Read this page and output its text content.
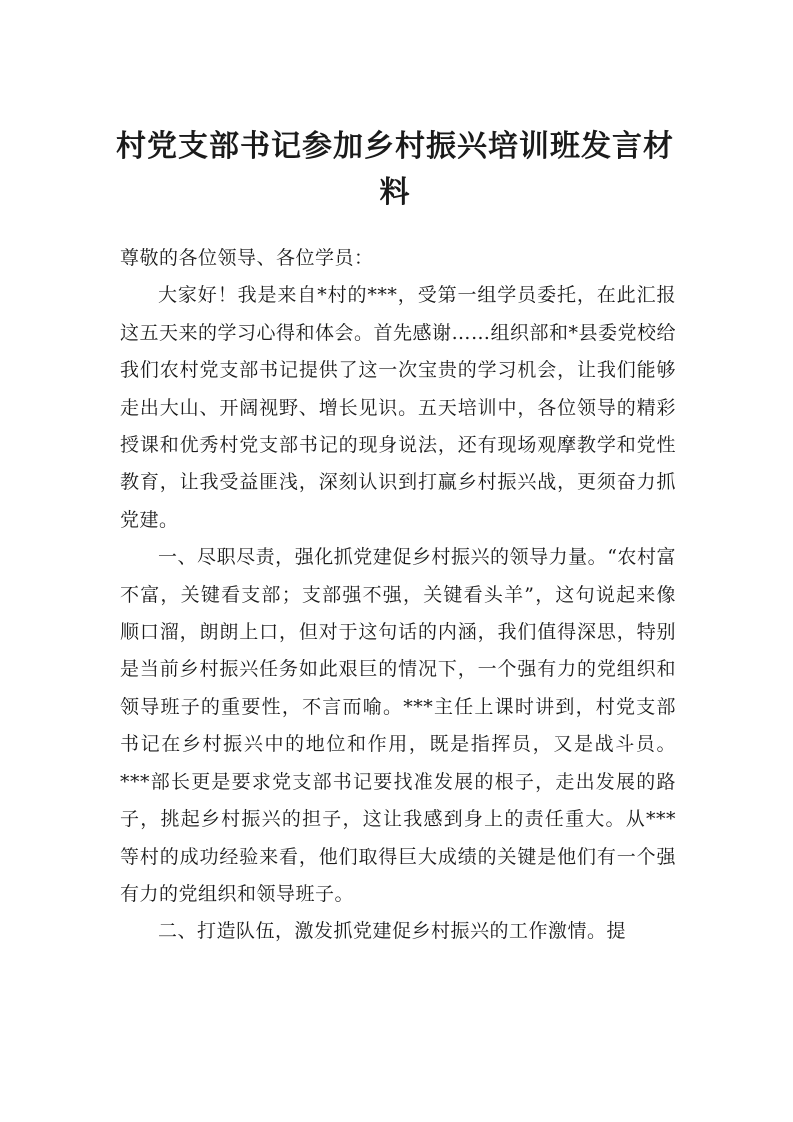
村党支部书记参加乡村振兴培训班发言材料

尊敬的各位领导、各位学员：

大家好！我是来自*村的***，受第一组学员委托，在此汇报这五天来的学习心得和体会。首先感谢……组织部和*县委党校给我们农村党支部书记提供了这一次宝贵的学习机会，让我们能够走出大山、开阔视野、增长见识。五天培训中，各位领导的精彩授课和优秀村党支部书记的现身说法，还有现场观摩教学和党性教育，让我受益匪浅，深刻认识到打赢乡村振兴战，更须奋力抓党建。

一、尽职尽责，强化抓党建促乡村振兴的领导力量。“农村富不富，关键看支部；支部强不强，关键看头羊”，这句说起来像顺口溜，朗朗上口，但对于这句话的内涵，我们值得深思，特别是当前乡村振兴任务如此艰巨的情况下，一个强有力的党组织和领导班子的重要性，不言而喻。***主任上课时讲到，村党支部书记在乡村振兴中的地位和作用，既是指挥员，又是战斗员。***部长更是要求党支部书记要找准发展的根子，走出发展的路子，挑起乡村振兴的担子，这让我感到身上的责任重大。从***等村的成功经验来看，他们取得巨大成绩的关键是他们有一个强有力的党组织和领导班子。

二、打造队伍，激发抓党建促乡村振兴的工作激情。提
